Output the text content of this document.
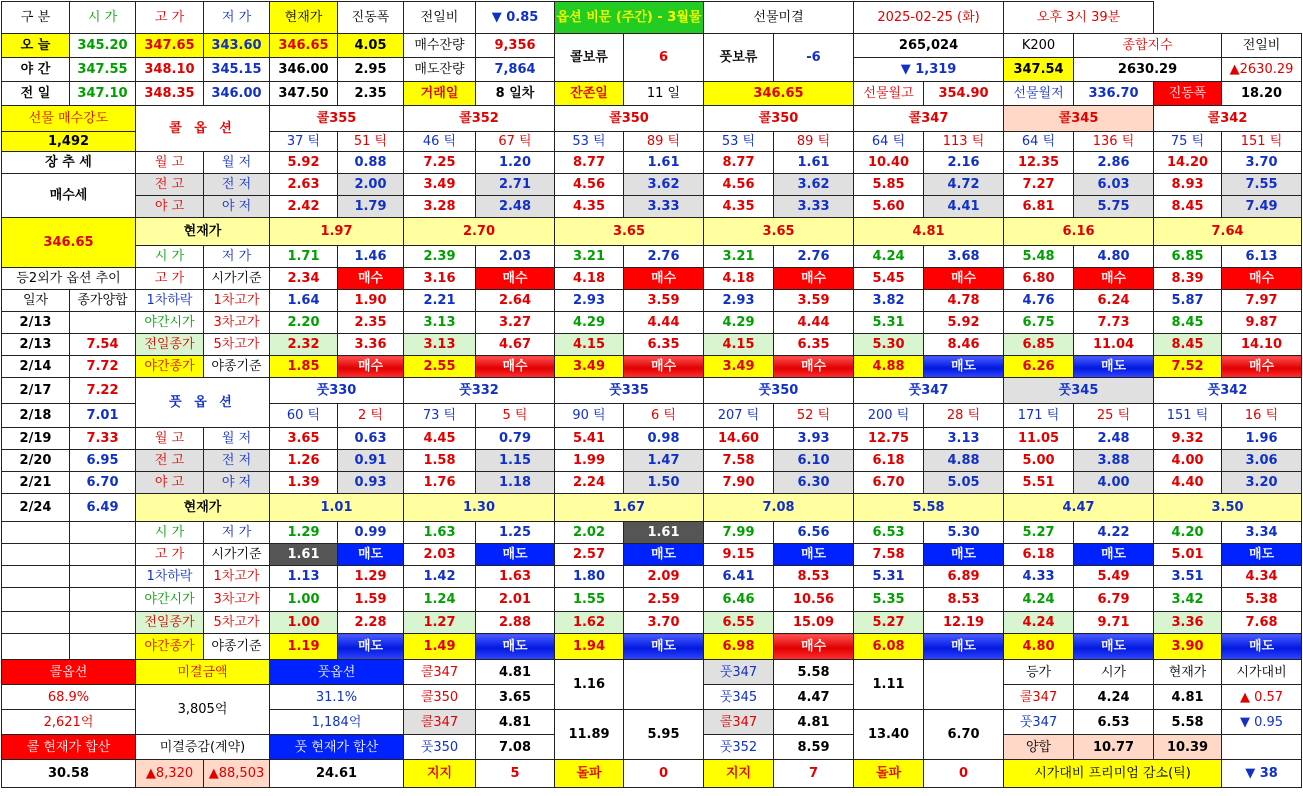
구 분	시 가	고 가	저 가	현재가	진동폭	전일비	▼ 0.85	옵션 비문 (주간) - 3월물		선물미결		2025-02-25 (화)		오후 3시 39분			
오 늘	345.20	347.65	343.60	346.65	4.05	매수잔량	9,356	콜보류	6	풋보류	-6	265,024		K200	종합지수		전일비
야 간	347.55	348.10	345.15	346.00	2.95	매도잔량	7,864					▼ 1,319		347.54	2630.29		▲2630.29
전 일	347.10	348.35	346.00	347.50	2.35	거래일	8 일차	잔존일	11 일	346.65		선물월고	354.90	선물월저	336.70	진동폭	18.20
선물 매수강도		콜 옵 션		콜355		콜352		콜350		콜350		콜347		콜345		콜342	
1,492				37 틱	51 틱	46 틱	67 틱	53 틱	89 틱	53 틱	89 틱	64 틱	113 틱	64 틱	136 틱	75 틱	151 틱
장 추 세		월 고	월 저	5.92	0.88	7.25	1.20	8.77	1.61	8.77	1.61	10.40	2.16	12.35	2.86	14.20	3.70
매수세		전 고	전 저	2.63	2.00	3.49	2.71	4.56	3.62	4.56	3.62	5.85	4.72	7.27	6.03	8.93	7.55
		야 고	야 저	2.42	1.79	3.28	2.48	4.35	3.33	4.35	3.33	5.60	4.41	6.81	5.75	8.45	7.49
346.65		현재가		1.97		2.70		3.65		3.65		4.81		6.16		7.64	
		시 가	저 가	1.71	1.46	2.39	2.03	3.21	2.76	3.21	2.76	4.24	3.68	5.48	4.80	6.85	6.13
등2외가 옵션 추이		고 가	시가기준	2.34	매수	3.16	매수	4.18	매수	4.18	매수	5.45	매수	6.80	매수	8.39	매수
일자	종가양합	1차하락	1차고가	1.64	1.90	2.21	2.64	2.93	3.59	2.93	3.59	3.82	4.78	4.76	6.24	5.87	7.97
2/13		야간시가	3차고가	2.20	2.35	3.13	3.27	4.29	4.44	4.29	4.44	5.31	5.92	6.75	7.73	8.45	9.87
2/13	7.54	전일종가	5차고가	2.32	3.36	3.13	4.67	4.15	6.35	4.15	6.35	5.30	8.46	6.85	11.04	8.45	14.10
2/14	7.72	야간종가	야종기준	1.85	매수	2.55	매수	3.49	매수	3.49	매수	4.88	매도	6.26	매도	7.52	매수
2/17	7.22	풋 옵 션		풋330		풋332		풋335		풋350		풋347		풋345		풋342	
2/18	7.01			60 틱	2 틱	73 틱	5 틱	90 틱	6 틱	207 틱	52 틱	200 틱	28 틱	171 틱	25 틱	151 틱	16 틱
2/19	7.33	월 고	월 저	3.65	0.63	4.45	0.79	5.41	0.98	14.60	3.93	12.75	3.13	11.05	2.48	9.32	1.96
2/20	6.95	전 고	전 저	1.26	0.91	1.58	1.15	1.99	1.47	7.58	6.10	6.18	4.88	5.00	3.88	4.00	3.06
2/21	6.70	야 고	야 저	1.39	0.93	1.76	1.18	2.24	1.50	7.90	6.30	6.70	5.05	5.51	4.00	4.40	3.20
2/24	6.49	현재가		1.01		1.30		1.67		7.08		5.58		4.47		3.50	
		시 가	저 가	1.29	0.99	1.63	1.25	2.02	1.61	7.99	6.56	6.53	5.30	5.27	4.22	4.20	3.34
		고 가	시가기준	1.61	매도	2.03	매도	2.57	매도	9.15	매도	7.58	매도	6.18	매도	5.01	매도
		1차하락	1차고가	1.13	1.29	1.42	1.63	1.80	2.09	6.41	8.53	5.31	6.89	4.33	5.49	3.51	4.34
		야간시가	3차고가	1.00	1.59	1.24	2.01	1.55	2.59	6.46	10.56	5.35	8.53	4.24	6.79	3.42	5.38
		전일종가	5차고가	1.00	2.28	1.27	2.88	1.62	3.70	6.55	15.09	5.27	12.19	4.24	9.71	3.36	7.68
		야간종가	야종기준	1.19	매도	1.49	매도	1.94	매도	6.98	매수	6.08	매도	4.80	매도	3.90	매도
콜옵션		미결금액		풋옵션		콜347	4.81	1.16		풋347	5.58	1.11		등가	시가	현재가	시가대비
68.9%		3,805억		31.1%		콜350	3.65			풋345	4.47			콜347	4.24	4.81	▲ 0.57
2,621억				1,184억		콜347	4.81	11.89	5.95	콜347	4.81	13.40	6.70	풋347	6.53	5.58	▼ 0.95
콜 현재가 합산		미결증감(계약)		풋 현재가 합산		풋350	7.08			풋352	8.59			양합	10.77	10.39	
30.58		▲8,320	▲88,503	24.61		지지	5	돌파	0	지지	7	돌파	0	시가대비 프리미엄 감소(틱)			▼ 38
